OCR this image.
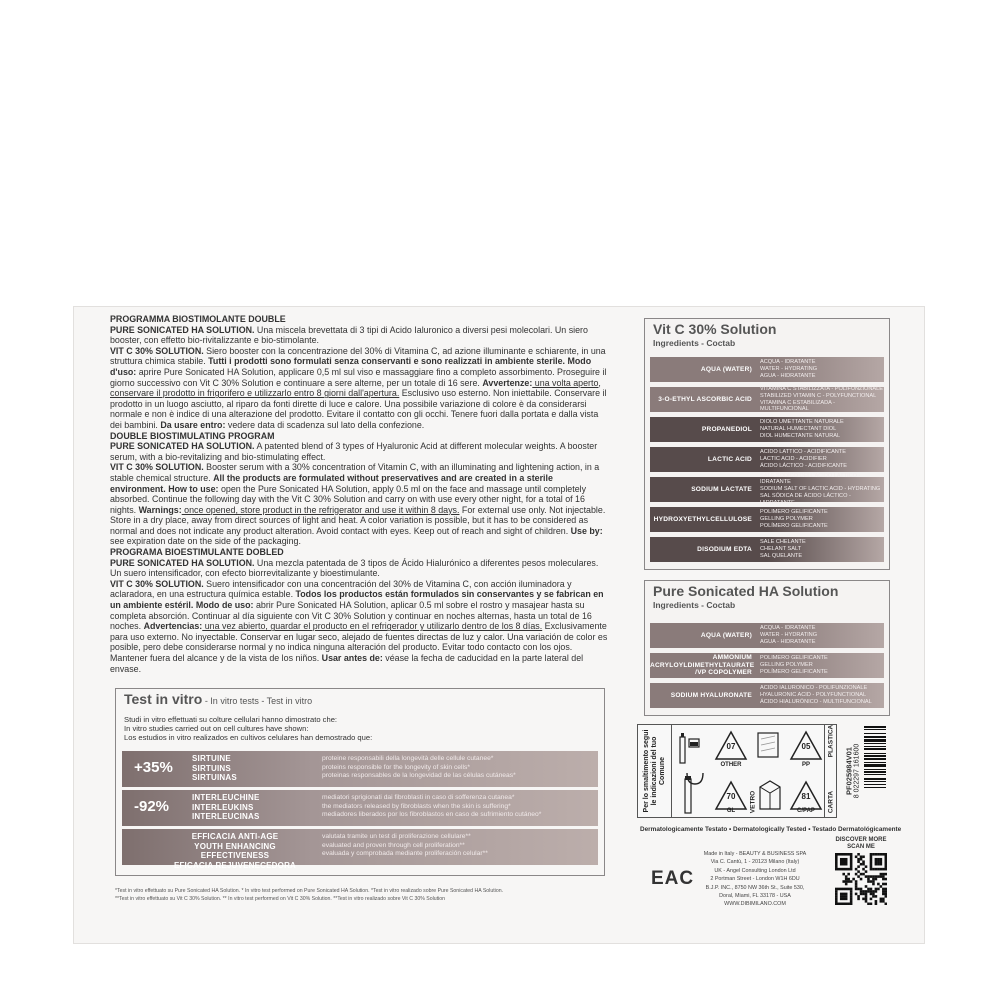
PROGRAMMA BIOSTIMOLANTE DOUBLE

PURE SONICATED HA SOLUTION. Una miscela brevettata di 3 tipi di Acido Ialuronico a diversi pesi molecolari. Un siero booster, con effetto bio-rivitalizzante e bio-stimolante.

VIT C 30% SOLUTION. Siero booster con la concentrazione del 30% di Vitamina C, ad azione illuminante e schiarente, in una struttura chimica stabile. Tutti i prodotti sono formulati senza conservanti e sono realizzati in ambiente sterile. Modo d'uso: aprire Pure Sonicated HA Solution, applicare 0,5 ml sul viso e massaggiare fino a completo assorbimento. Proseguire il giorno successivo con Vit C 30% Solution e continuare a sere alterne, per un totale di 16 sere. Avvertenze: una volta aperto, conservare il prodotto in frigorifero e utilizzarlo entro 8 giorni dall'apertura. Esclusivo uso esterno. Non iniettabile. Conservare il prodotto in un luogo asciutto, al riparo da fonti dirette di luce e calore. Una possibile variazione di colore è da considerarsi normale e non è indice di una alterazione del prodotto. Evitare il contatto con gli occhi. Tenere fuori dalla portata e dalla vista dei bambini. Da usare entro: vedere data di scadenza sul lato della confezione.

DOUBLE BIOSTIMULATING PROGRAM

PURE SONICATED HA SOLUTION. A patented blend of 3 types of Hyaluronic Acid at different molecular weights. A booster serum, with a bio-revitalizing and bio-stimulating effect.

VIT C 30% SOLUTION. Booster serum with a 30% concentration of Vitamin C, with an illuminating and lightening action, in a stable chemical structure. All the products are formulated without preservatives and are created in a sterile environment. How to use: open the Pure Sonicated HA Solution, apply 0.5 ml on the face and massage until completely absorbed. Continue the following day with the Vit C 30% Solution and carry on with use every other night, for a total of 16 nights. Warnings: once opened, store product in the refrigerator and use it within 8 days. For external use only. Not injectable. Store in a dry place, away from direct sources of light and heat. A color variation is possible, but it has to be considered as normal and does not indicate any product alteration. Avoid contact with eyes. Keep out of reach and sight of children. Use by: see expiration date on the side of the packaging.

PROGRAMA BIOESTIMULANTE DOBLED

PURE SONICATED HA SOLUTION. Una mezcla patentada de 3 tipos de Ácido Hialurónico a diferentes pesos moleculares. Un suero intensificador, con efecto biorrevitalizante y bioestimulante.

VIT C 30% SOLUTION. Suero intensificador con una concentración del 30% de Vitamina C, con acción iluminadora y aclaradora, en una estructura química estable. Todos los productos están formulados sin conservantes y se fabrican en un ambiente estéril. Modo de uso: abrir Pure Sonicated HA Solution, aplicar 0.5 ml sobre el rostro y masajear hasta su completa absorción. Continuar al día siguiente con Vit C 30% Solution y continuar en noches alternas, hasta un total de 16 noches. Advertencias: una vez abierto, guardar el producto en el refrigerador y utilizarlo dentro de los 8 días. Exclusivamente para uso externo. No inyectable. Conservar en lugar seco, alejado de fuentes directas de luz y calor. Una variación de color es posible, pero debe considerarse normal y no indica ninguna alteración del producto. Evitar todo contacto con los ojos. Mantener fuera del alcance y de la vista de los niños. Usar antes de: véase la fecha de caducidad en la parte lateral del envase.

Test in vitro - In vitro tests - Test in vitro
Studi in vitro effettuati su colture cellulari hanno dimostrato che:
In vitro studies carried out on cell cultures have shown:
Los estudios in vitro realizados en cultivos celulares han demostrado que:
+35%
SIRTUINE
SIRTUINS
SIRTUINAS
proteine responsabili della longevità delle cellule cutanee*
proteins responsible for the longevity of skin cells*
proteinas responsables de la longevidad de las células cutáneas*
-92%
INTERLEUCHINE
INTERLEUKINS
INTERLEUCINAS
mediatori sprigionati dai fibroblasti in caso di sofferenza cutanea*
the mediators released by fibroblasts when the skin is suffering*
mediadores liberados por los fibroblastos en caso de sufrimiento cutáneo*
EFFICACIA ANTI-AGE
YOUTH ENHANCING EFFECTIVENESS
EFICACIA REJUVENECEDORA
valutata tramite un test di proliferazione cellulare**
evaluated and proven through cell proliferation**
evaluada y comprobada mediante proliferación celular**
*Test in vitro effettuato su Pure Sonicated HA Solution. * In vitro test performed on Pure Sonicated HA Solution. *Test in vitro realizado sobre Pure Sonicated HA Solution.
**Test in vitro effettuato su Vit C 30% Solution. ** In vitro test performed on Vit C 30% Solution. **Test in vitro realizado sobre Vit C 30% Solution
Vit C 30% Solution
Ingredients - Coctab
AQUA (WATER)
ACQUA - IDRATANTE
WATER - HYDRATING
AGUA - HIDRATANTE
3-O-ETHYL ASCORBIC ACID
VITAMINA C STABILIZZATA - POLIFUNZIONALE
STABILIZED VITAMIN C - POLYFUNCTIONAL
VITAMINA C ESTABILIZADA - MULTIFUNCIONAL
PROPANEDIOL
DIOLO UMETTANTE NATURALE
NATURAL HUMECTANT DIOL
DIOL HUMECTANTE NATURAL
LACTIC ACID
ACIDO LATTICO - ACIDIFICANTE
LACTIC ACID - ACIDIFIER
ÁCIDO LÁCTICO - ACIDIFICANTE
SODIUM LACTATE
SALE SODICO DELL'ACIDO LATTICO - IDRATANTE
SODIUM SALT OF LACTIC ACID - HYDRATING
SAL SÓDICA DE ÁCIDO LÁCTICO - HIDRATANTE
HYDROXYETHYLCELLULOSE
POLIMERO GELIFICANTE
GELLING POLYMER
POLÍMERO GELIFICANTE
DISODIUM EDTA
SALE CHELANTE
CHELANT SALT
SAL QUELANTE
Pure Sonicated HA Solution
Ingredients - Coctab
AQUA (WATER)
ACQUA - IDRATANTE
WATER - HYDRATING
AGUA - HIDRATANTE
AMMONIUM ACRYLOYLDIMETHYLTAURATE /VP COPOLYMER
POLIMERO GELIFICANTE
GELLING POLYMER
POLÍMERO GELIFICANTE
SODIUM HYALURONATE
ACIDO IALURONICO - POLIFUNZIONALE
HYALURONIC ACID - POLYFUNCTIONAL
ÁCIDO HIALURÓNICO - MULTIFUNCIONAL
Per lo smaltimento segui le indicazioni del tuo Comune
07
OTHER
05
PP
70
GL
81
C/PAP
PLASTICA
VETRO	CARTA
PF025984V01 8 022297 161600
Dermatologicamente Testato • Dermatologically Tested • Testado Dermatológicamente
EAC
Made in Italy - BEAUTY & BUSINESS SPA
Via C. Cantù, 1 - 20123 Milano (Italy)
UK - Angel Consulting London Ltd
2 Portman Street - London W1H 6DU
B.J.P. INC., 8750 NW 36th St., Suite 530,
Doral, Miami, FL 33178 - USA
WWW.DIBIMILANO.COM
DISCOVER MORE
SCAN ME
